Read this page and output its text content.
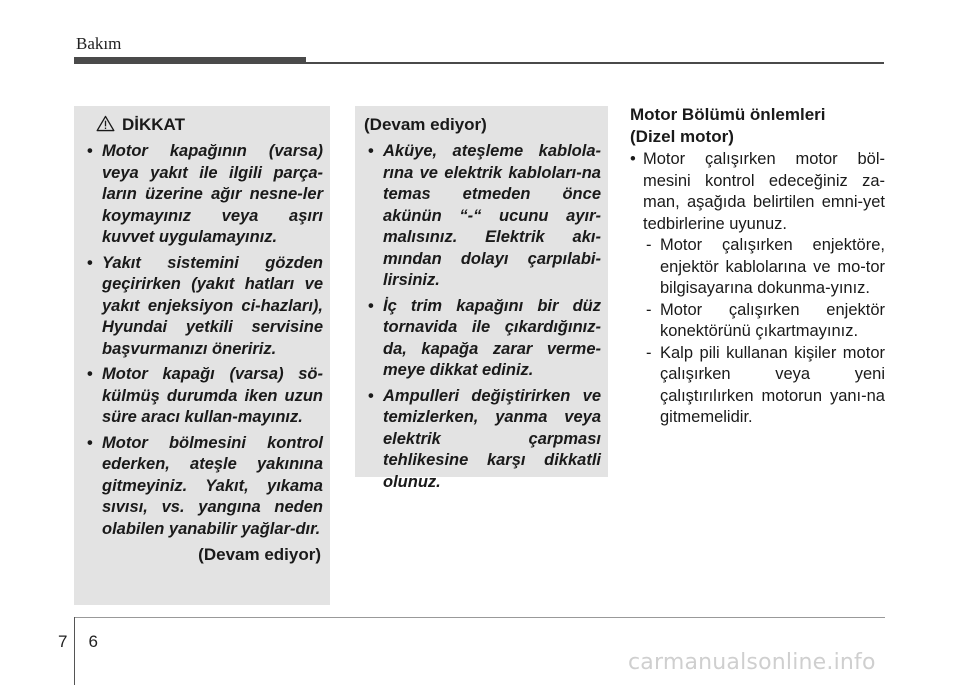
Bakım
DİKKAT
• Motor kapağının (varsa) veya yakıt ile ilgili parça-ların üzerine ağır nesne-ler koymayınız veya aşırı kuvvet uygulamayınız.
• Yakıt sistemini gözden geçirirken (yakıt hatları ve yakıt enjeksiyon ci-hazları), Hyundai yetkili servisine başvurmanızı öneririz.
• Motor kapağı (varsa) sö-külmüş durumda iken uzun süre aracı kullan-mayınız.
• Motor bölmesini kontrol ederken, ateşle yakınına gitmeyiniz. Yakıt, yıkama sıvısı, vs. yangına neden olabilen yanabilir yağlar-dır.
(Devam ediyor)
(Devam ediyor)
• Aküye, ateşleme kablola-rına ve elektrik kabloları-na temas etmeden önce akünün “-“ ucunu ayır-malısınız. Elektrik akı-mından dolayı çarpılabi-lirsiniz.
• İç trim kapağını bir düz tornavida ile çıkardığınız-da, kapağa zarar verme-meye dikkat ediniz.
• Ampulleri değiştirirken ve temizlerken, yanma veya elektrik çarpması tehlikesine karşı dikkatli olunuz.
Motor Bölümü önlemleri
(Dizel motor)
• Motor çalışırken motor böl-mesini kontrol edeceğiniz za-man, aşağıda belirtilen emni-yet tedbirlerine uyunuz.
- Motor çalışırken enjektöre, enjektör kablolarına ve mo-tor bilgisayarına dokunma-yınız.
- Motor çalışırken enjektör konektörünü çıkartmayınız.
- Kalp pili kullanan kişiler motor çalışırken veya yeni çalıştırılırken motorun yanı-na gitmemelidir.
7 6
carmanualsonline.info
